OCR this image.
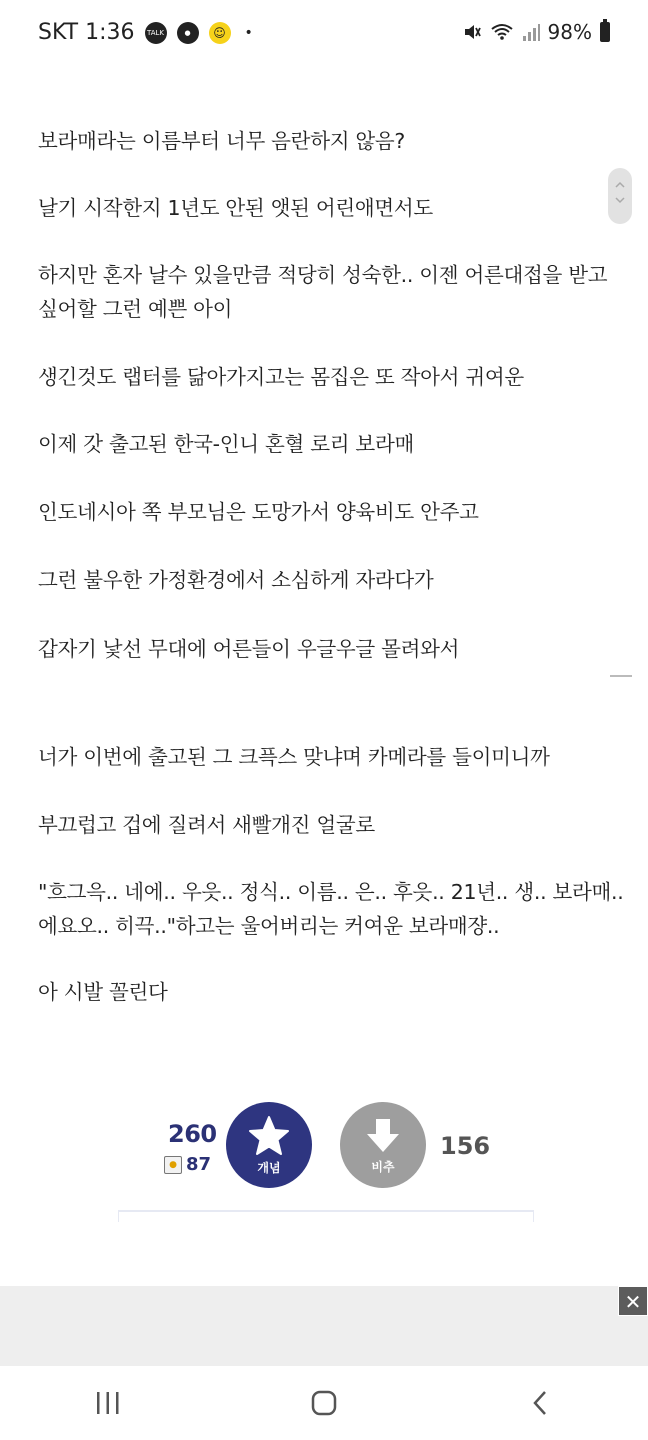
SKT 1:36	TALK	●	☺	•	98%
보라매라는 이름부터 너무 음란하지 않음?
날기 시작한지 1년도 안된 앳된 어린애면서도
하지만 혼자 날수 있을만큼 적당히 성숙한.. 이젠 어른대접을 받고 싶어할 그런 예쁜 아이
생긴것도 랩터를 닮아가지고는 몸집은 또 작아서 귀여운
이제 갓 출고된 한국-인니 혼혈 로리 보라매
인도네시아 쪽 부모님은 도망가서 양육비도 안주고
그런 불우한 가정환경에서 소심하게 자라다가
갑자기 낯선 무대에 어른들이 우글우글 몰려와서
너가 이번에 출고된 그 크픅스 맞냐며 카메라를 들이미니까
부끄럽고 겁에 질려서 새빨개진 얼굴로
"흐그윽.. 네에.. 우읏.. 정식.. 이름.. 은.. 후읏.. 21년.. 생.. 보라매.. 에요오.. 히끅.."하고는 울어버리는 커여운 보라매쟝..
아 시발 꼴린다

260
● 87	개념	비추
156
✕
